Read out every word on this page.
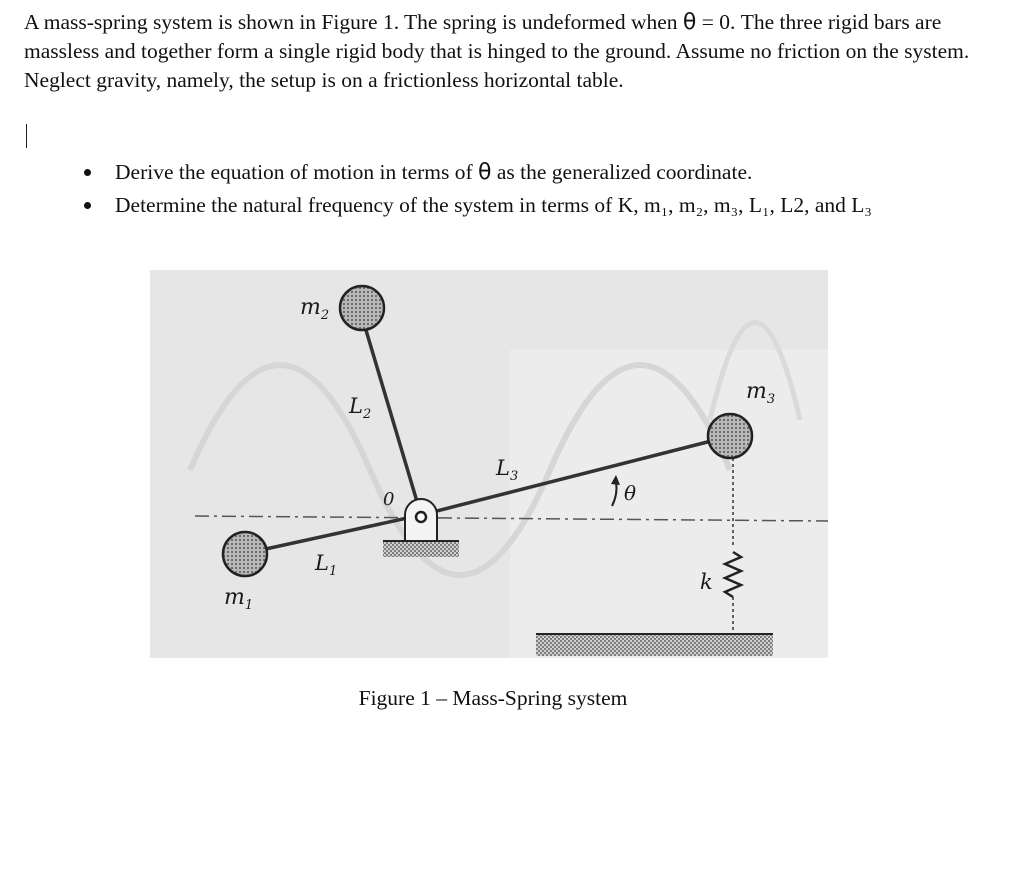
A mass-spring system is shown in Figure 1. The spring is undeformed when θ = 0. The three rigid bars are massless and together form a single rigid body that is hinged to the ground. Assume no friction on the system. Neglect gravity, namely, the setup is on a frictionless horizontal table.
Derive the equation of motion in terms of θ as the generalized coordinate.
Determine the natural frequency of the system in terms of K, m₁, m₂, m₃, L₁, L2, and L₃
$m_2$
$L_2$
$L_3$
$m_3$
0	θ
$L_1$
$m_1$
k
Figure 1 – Mass-Spring system
